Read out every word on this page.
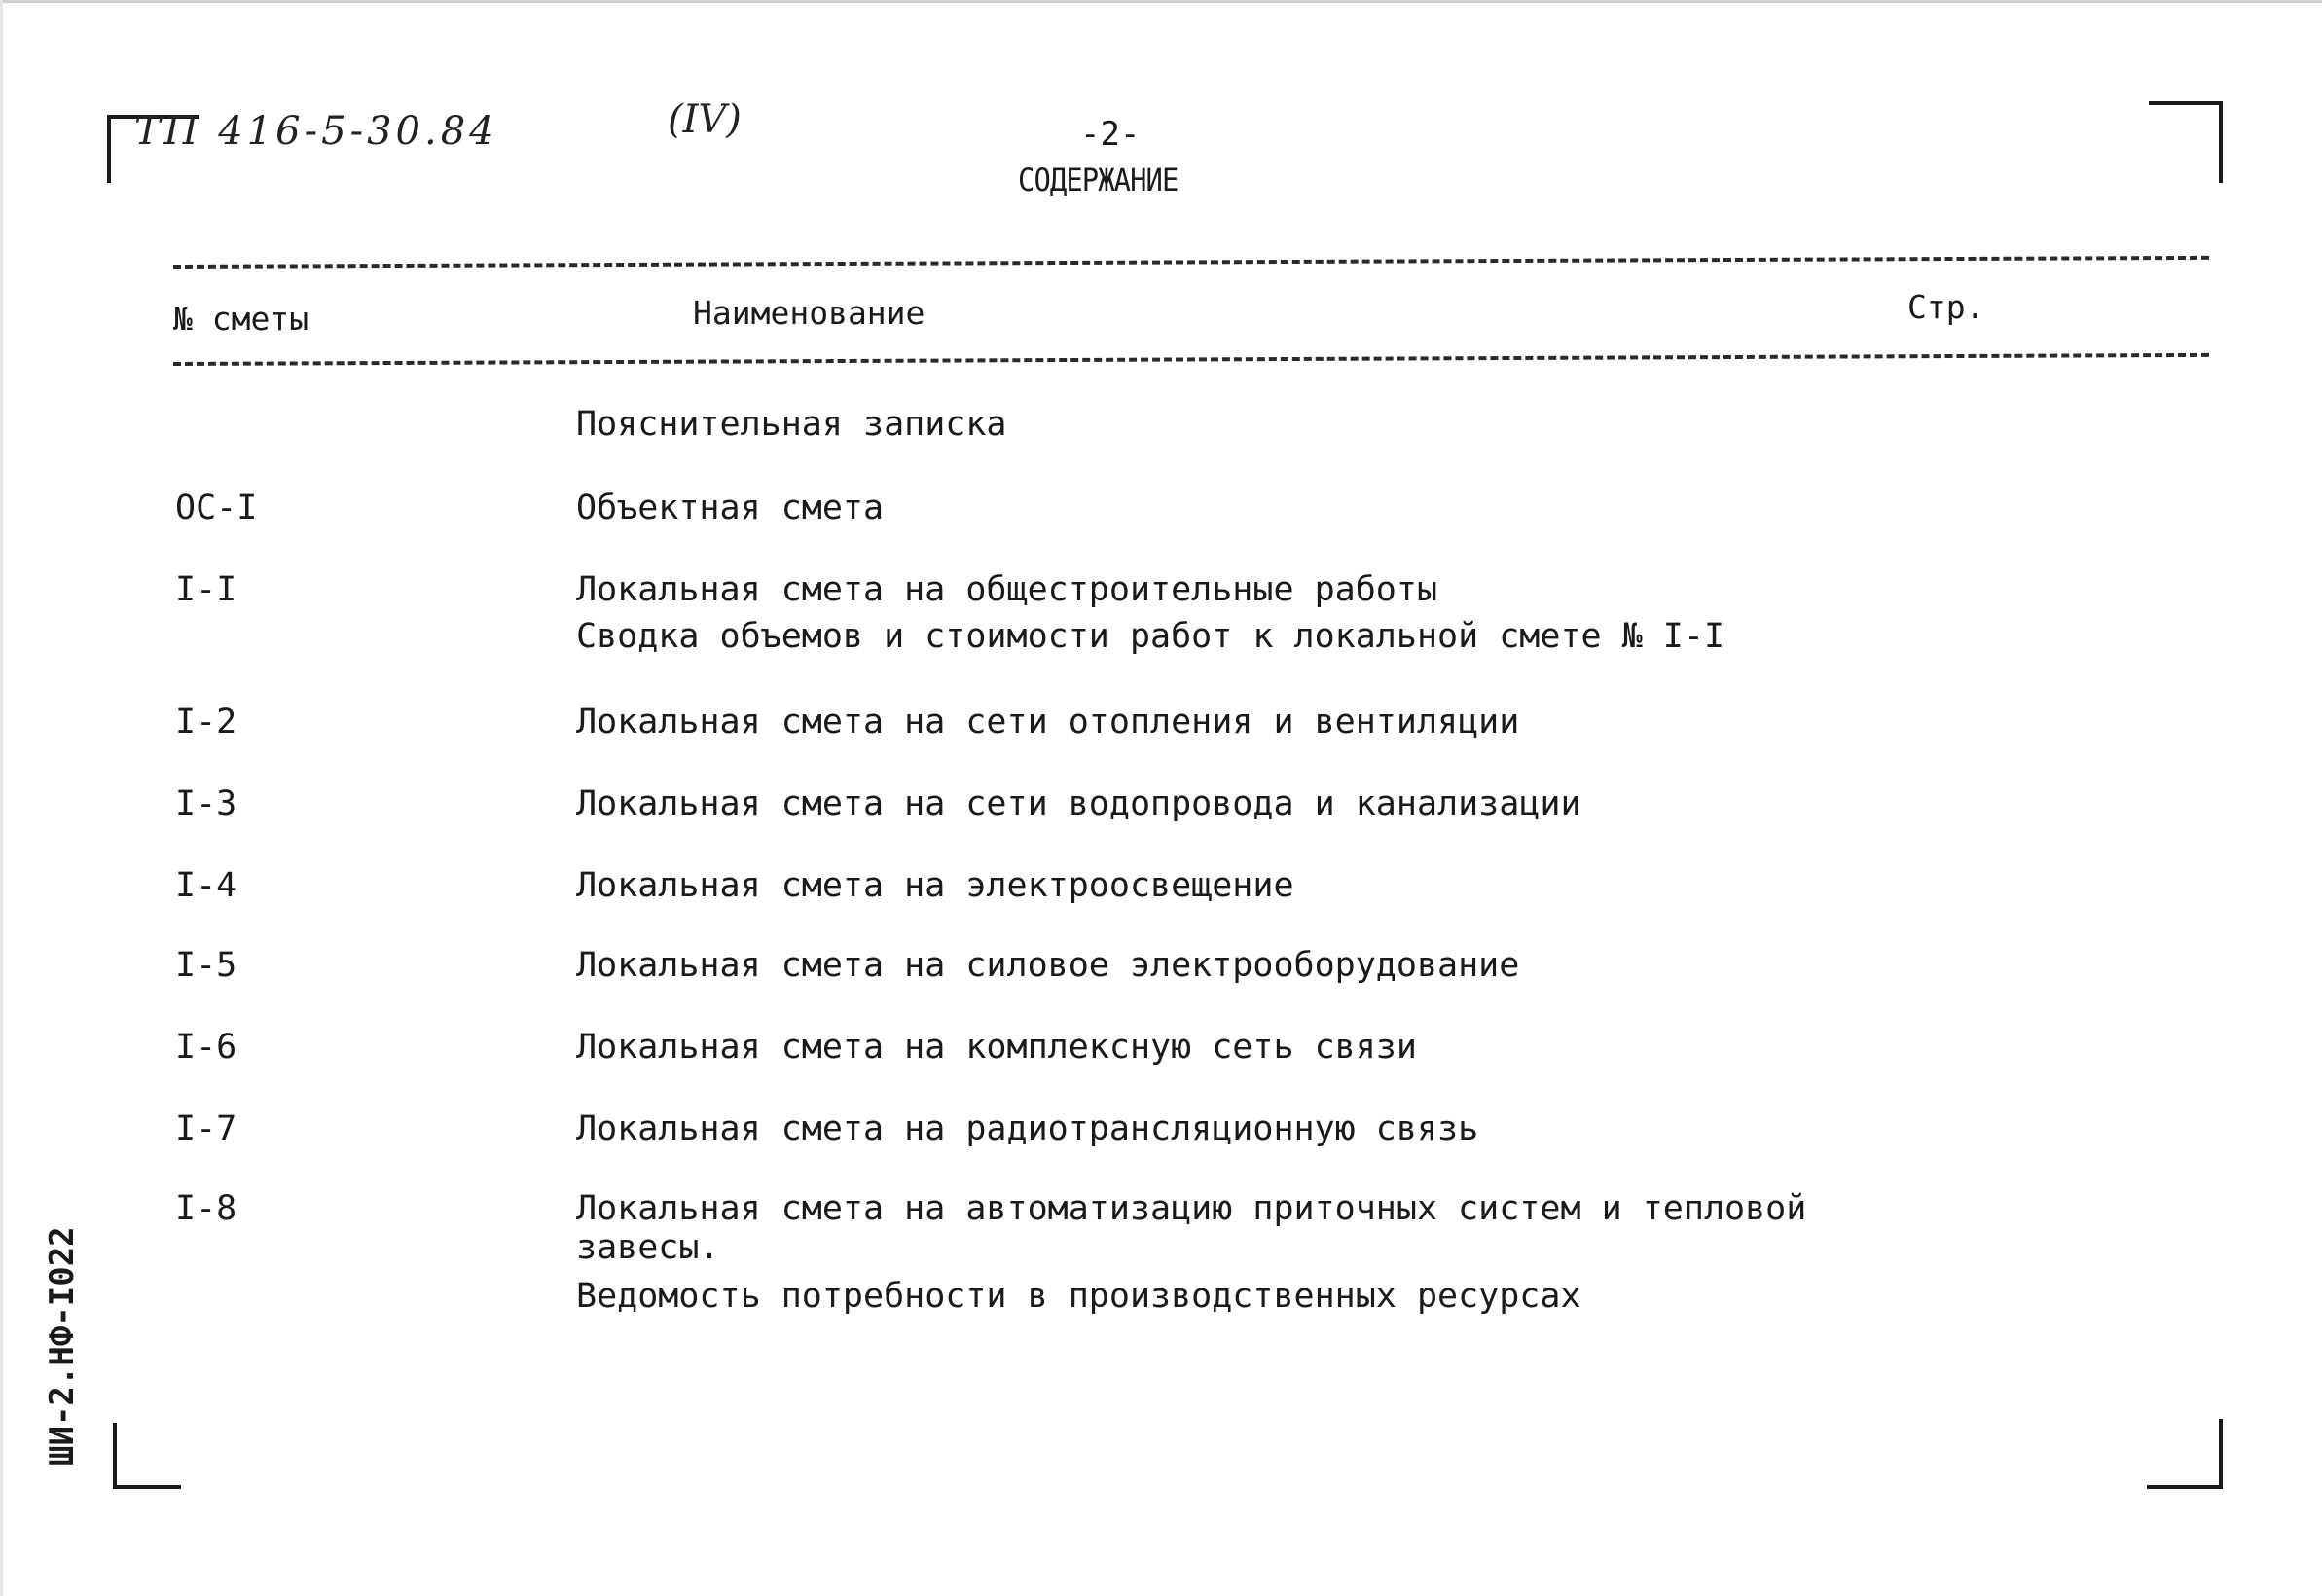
ТП 416-5-30.84	(IV)	-2-
СОДЕРЖАНИЕ
№ сметы	Наименование	Стр.
Пояснительная записка
ОС-I	Объектная смета
I-I	Локальная смета на общестроительные работы
Сводка объемов и стоимости работ к локальной смете № I-I
I-2	Локальная смета на сети отопления и вентиляции
I-3	Локальная смета на сети водопровода и канализации
I-4	Локальная смета на электроосвещение
I-5	Локальная смета на силовое электрооборудование
I-6	Локальная смета на комплексную сеть связи
I-7	Локальная смета на радиотрансляционную связь
I-8	Локальная смета на автоматизацию приточных систем и тепловой
завесы.
Ведомость потребности в производственных ресурсах
ШИ-2.НФ-I022
